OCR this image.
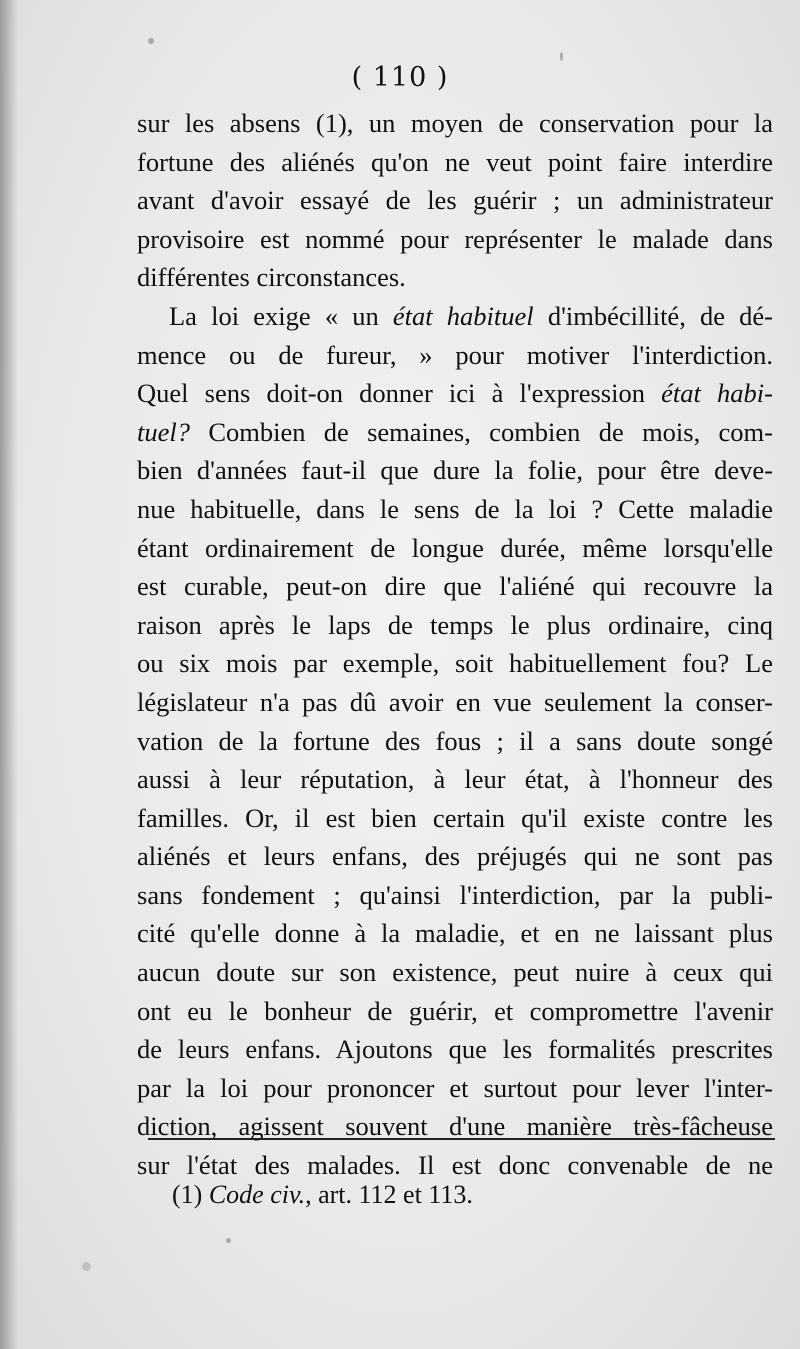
( 110 )
sur les absens (1), un moyen de conservation pour la
fortune des aliénés qu'on ne veut point faire interdire
avant d'avoir essayé de les guérir ; un administrateur
provisoire est nommé pour représenter le malade dans
différentes circonstances.
La loi exige « un état habituel d'imbécillité, de dé-
mence ou de fureur, » pour motiver l'interdiction.
Quel sens doit-on donner ici à l'expression état habi-
tuel? Combien de semaines, combien de mois, com-
bien d'années faut-il que dure la folie, pour être deve-
nue habituelle, dans le sens de la loi ? Cette maladie
étant ordinairement de longue durée, même lorsqu'elle
est curable, peut-on dire que l'aliéné qui recouvre la
raison après le laps de temps le plus ordinaire, cinq
ou six mois par exemple, soit habituellement fou? Le
législateur n'a pas dû avoir en vue seulement la conser-
vation de la fortune des fous ; il a sans doute songé
aussi à leur réputation, à leur état, à l'honneur des
familles. Or, il est bien certain qu'il existe contre les
aliénés et leurs enfans, des préjugés qui ne sont pas
sans fondement ; qu'ainsi l'interdiction, par la publi-
cité qu'elle donne à la maladie, et en ne laissant plus
aucun doute sur son existence, peut nuire à ceux qui
ont eu le bonheur de guérir, et compromettre l'avenir
de leurs enfans. Ajoutons que les formalités prescrites
par la loi pour prononcer et surtout pour lever l'inter-
diction, agissent souvent d'une manière très-fâcheuse
sur l'état des malades. Il est donc convenable de ne
(1) Code civ., art. 112 et 113.
